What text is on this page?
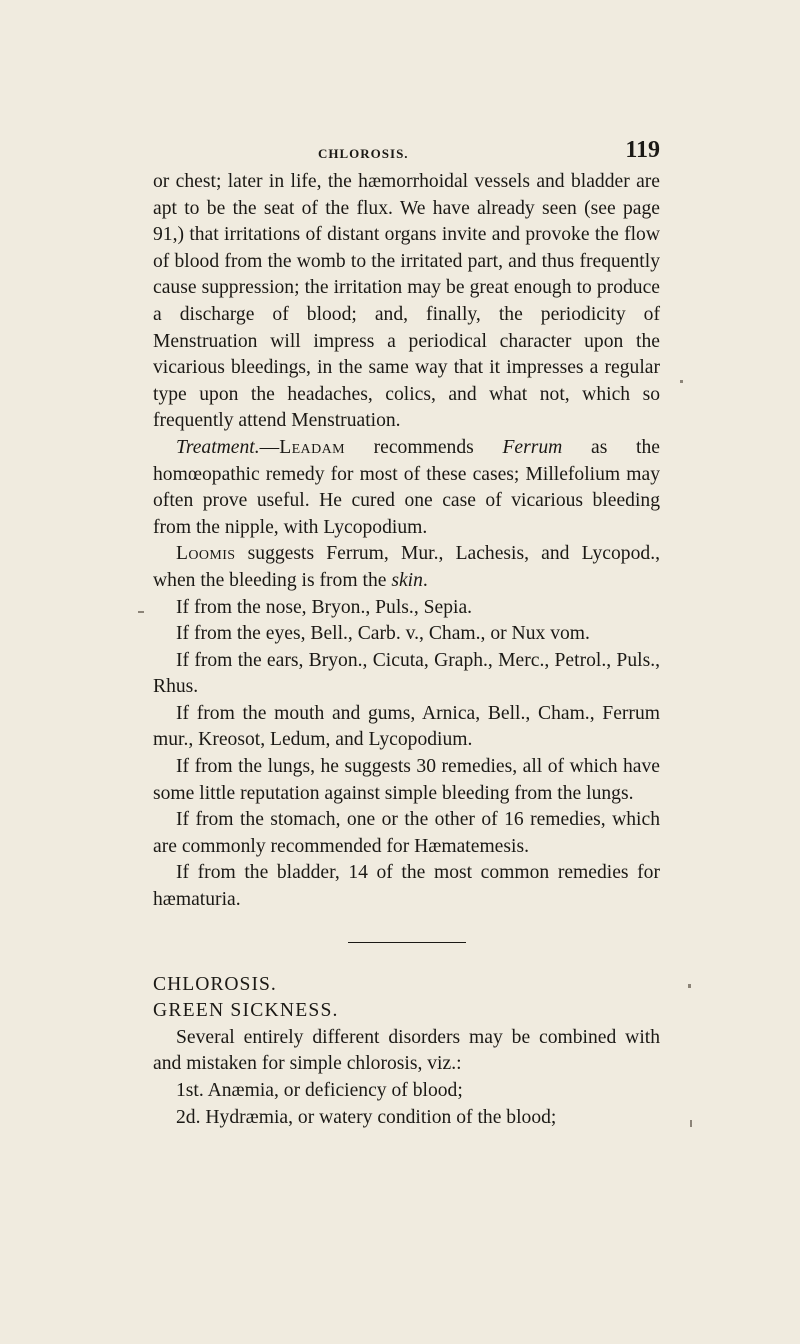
CHLOROSIS.	119

or chest; later in life, the hæmorrhoidal vessels and bladder are apt to be the seat of the flux. We have already seen (see page 91,) that irritations of distant organs invite and provoke the flow of blood from the womb to the irritated part, and thus frequently cause suppression; the irritation may be great enough to produce a discharge of blood; and, finally, the periodicity of Menstruation will impress a periodical character upon the vicarious bleedings, in the same way that it impresses a regular type upon the headaches, colics, and what not, which so frequently attend Menstruation.

Treatment.—Leadam recommends Ferrum as the homœopathic remedy for most of these cases; Millefolium may often prove useful. He cured one case of vicarious bleeding from the nipple, with Lycopodium.

Loomis suggests Ferrum, Mur., Lachesis, and Lycopod., when the bleeding is from the skin.

If from the nose, Bryon., Puls., Sepia.

If from the eyes, Bell., Carb. v., Cham., or Nux vom.

If from the ears, Bryon., Cicuta, Graph., Merc., Petrol., Puls., Rhus.

If from the mouth and gums, Arnica, Bell., Cham., Ferrum mur., Kreosot, Ledum, and Lycopodium.

If from the lungs, he suggests 30 remedies, all of which have some little reputation against simple bleeding from the lungs.

If from the stomach, one or the other of 16 remedies, which are commonly recommended for Hæmatemesis.

If from the bladder, 14 of the most common remedies for hæmaturia.

CHLOROSIS.

GREEN SICKNESS.

Several entirely different disorders may be combined with and mistaken for simple chlorosis, viz.:

1st. Anæmia, or deficiency of blood;

2d. Hydræmia, or watery condition of the blood;
